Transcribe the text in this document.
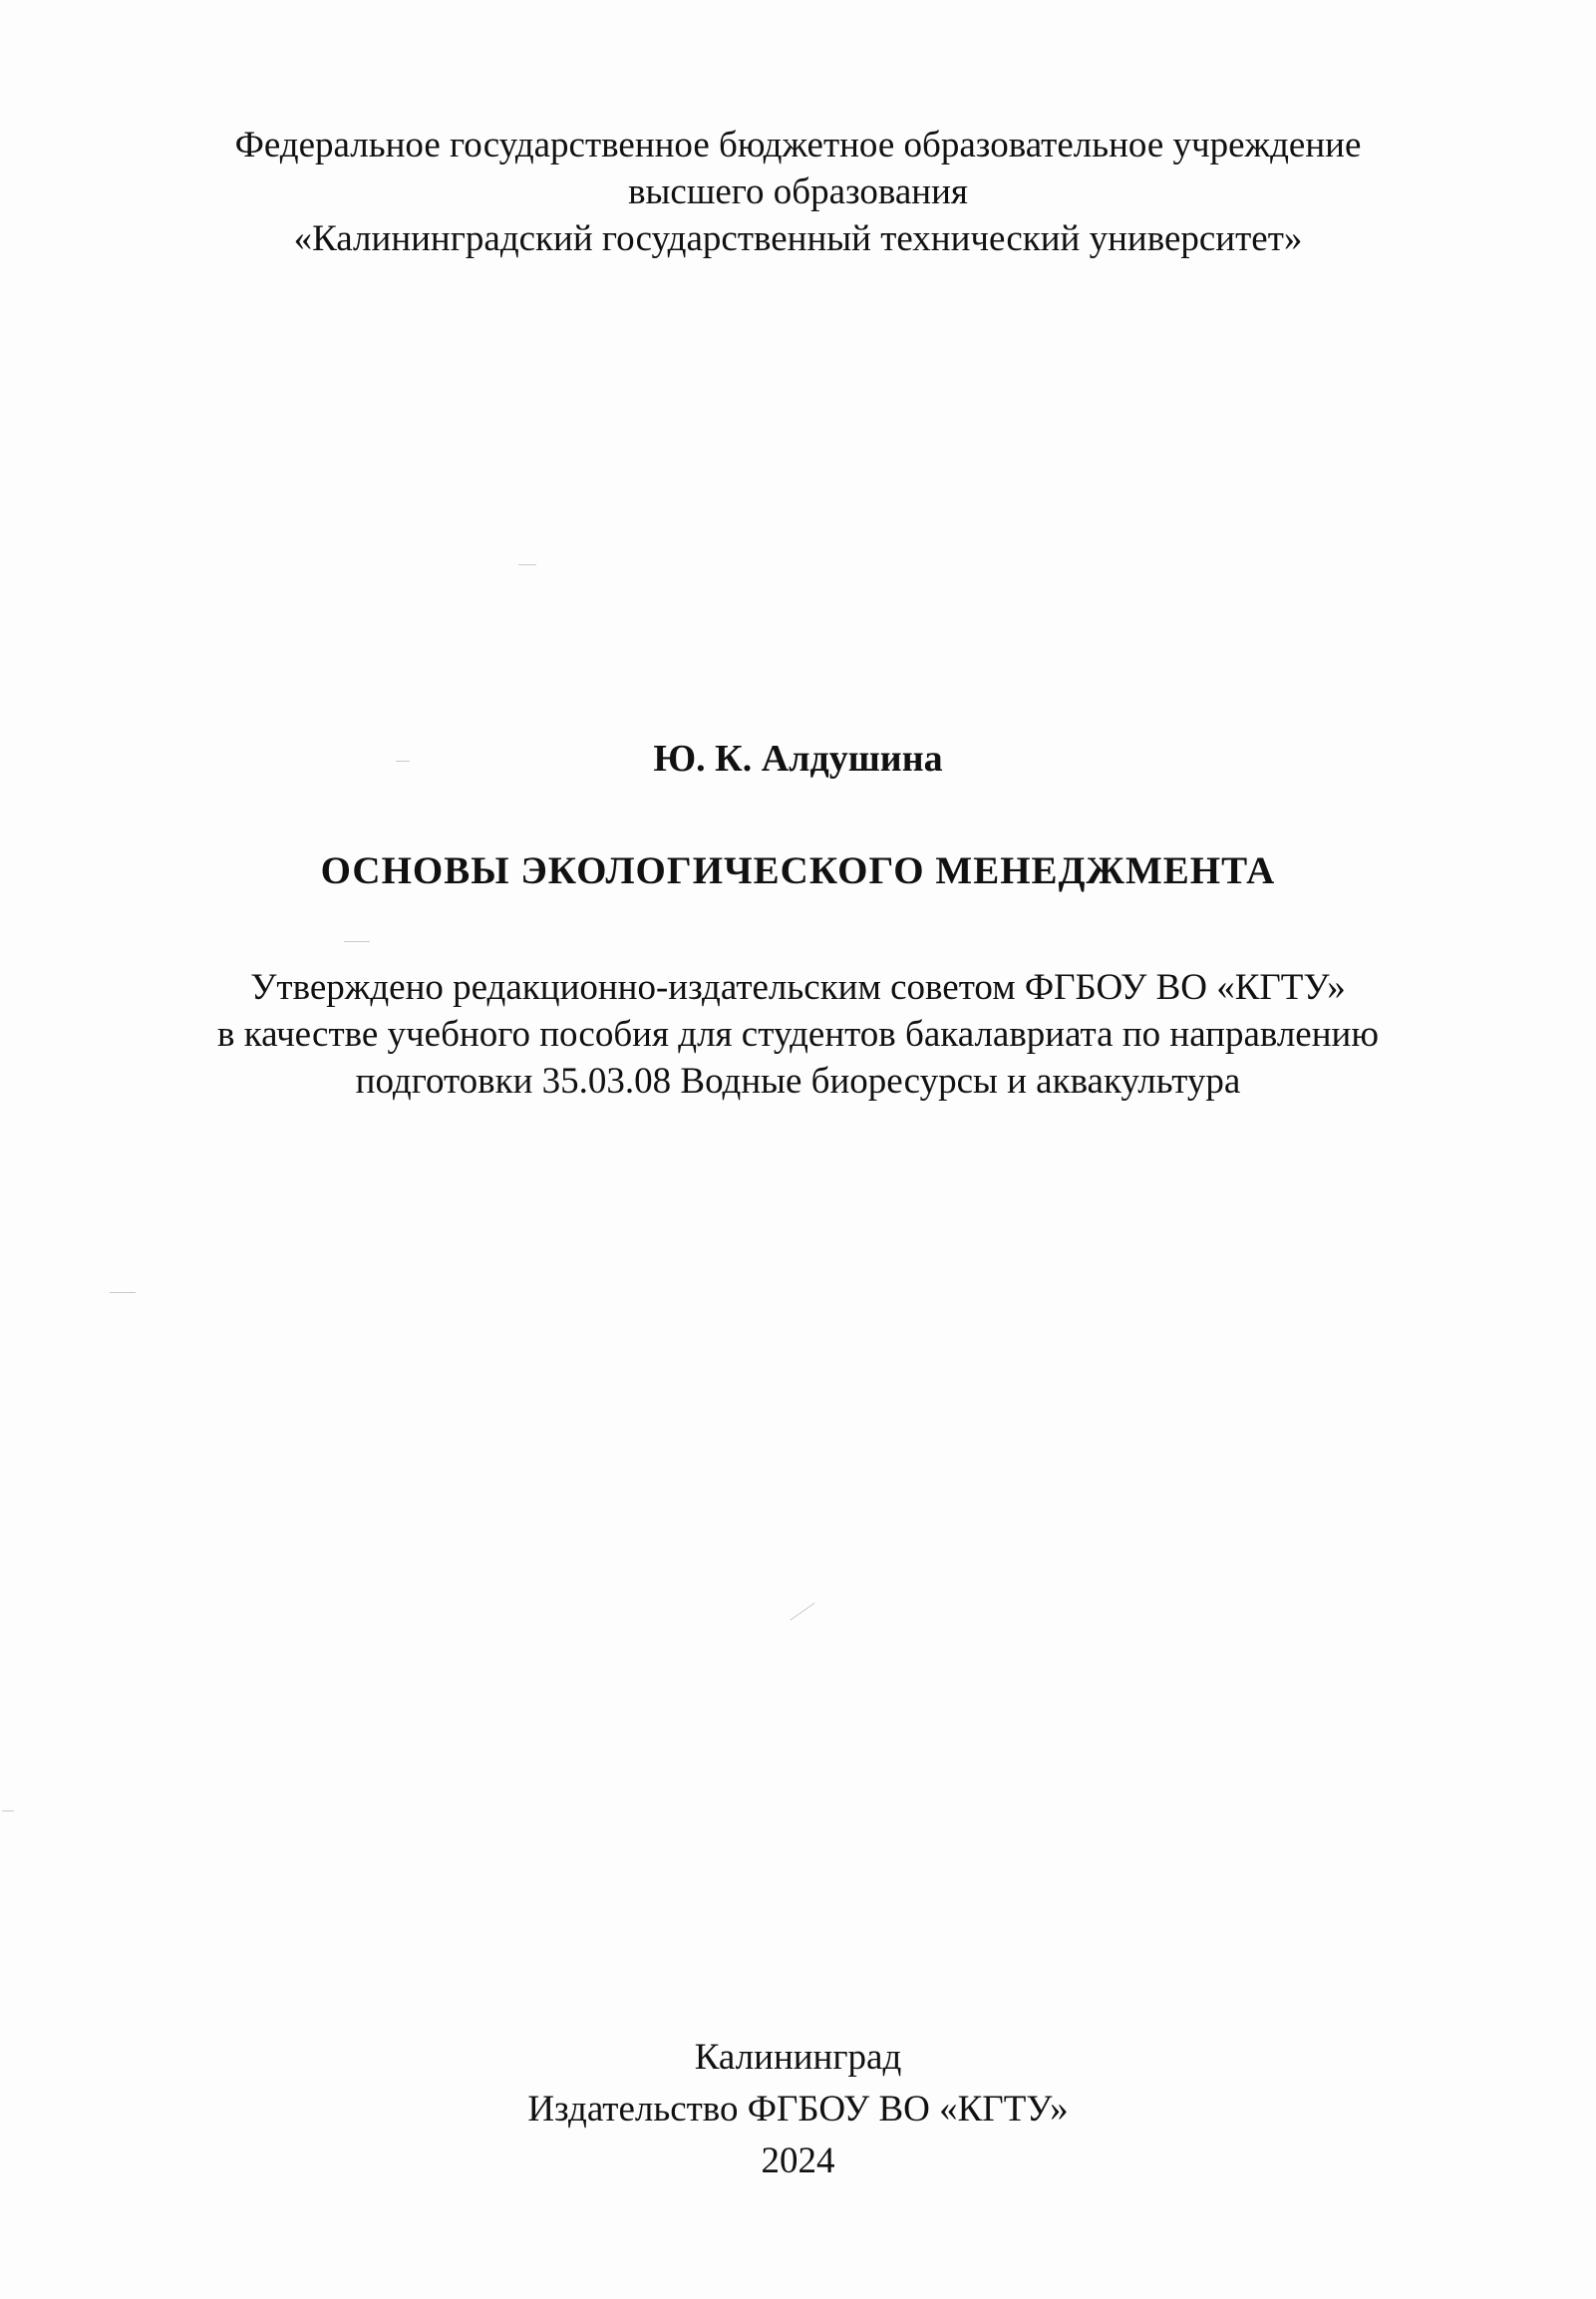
Федеральное государственное бюджетное образовательное учреждение
высшего образования
«Калининградский государственный технический университет»
Ю. К. Алдушина
ОСНОВЫ ЭКОЛОГИЧЕСКОГО МЕНЕДЖМЕНТА
Утверждено редакционно-издательским советом ФГБОУ ВО «КГТУ»
в качестве учебного пособия для студентов бакалавриата по направлению
подготовки 35.03.08 Водные биоресурсы и аквакультура
Калининград
Издательство ФГБОУ ВО «КГТУ»
2024
